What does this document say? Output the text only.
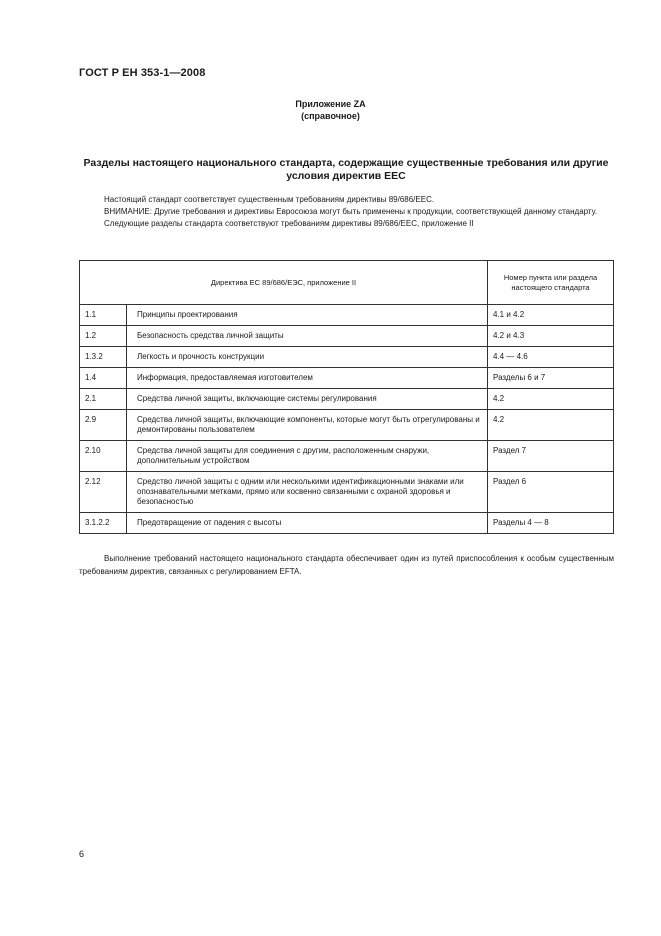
ГОСТ Р ЕН 353-1—2008
Приложение ZA
(справочное)
Разделы настоящего национального стандарта, содержащие существенные требования или другие условия директив ЕЕС

Настоящий стандарт соответствует существенным требованиям директивы 89/686/ЕЕС.

ВНИМАНИЕ: Другие требования и директивы Евросоюза могут быть применены к продукции, соответствующей данному стандарту.

Следующие разделы стандарта соответствуют требованиям директивы 89/686/ЕЕС, приложение II

Директива ЕС 89/686/ЕЭС, приложение II		Номер пункта или раздела настоящего стандарта
1.1	Принципы проектирования	4.1 и 4.2
1.2	Безопасность средства личной защиты	4.2 и 4.3
1.3.2	Легкость и прочность конструкции	4.4 — 4.6
1.4	Информация, предоставляемая изготовителем	Разделы 6 и 7
2.1	Средства личной защиты, включающие системы регулирования	4.2
2.9	Средства личной защиты, включающие компоненты, которые могут быть отрегулированы и демонтированы пользователем	4.2
2.10	Средства личной защиты для соединения с другим, расположенным снаружи, дополнительным устройством	Раздел 7
2.12	Средство личной защиты с одним или несколькими идентификационными знаками или опознавательными метками, прямо или косвенно связанными с охраной здоровья и безопасностью	Раздел 6
3.1.2.2	Предотвращение от падения с высоты	Разделы 4 — 8

Выполнение требований настоящего национального стандарта обеспечивает один из путей приспособления к особым существенным требованиям директив, связанных с регулированием EFTA.

6
